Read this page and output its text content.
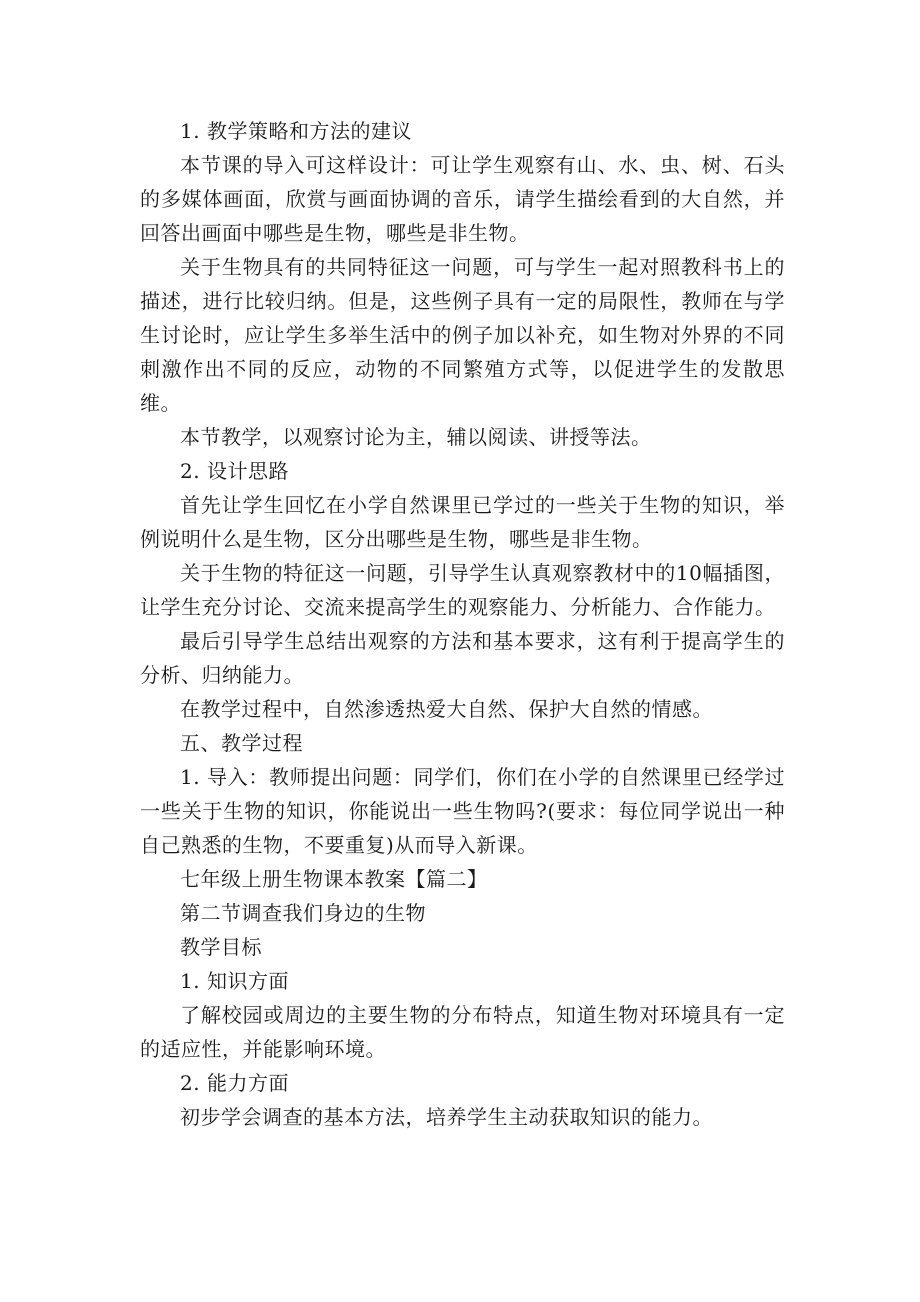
1. 教学策略和方法的建议

本节课的导入可这样设计：可让学生观察有山、水、虫、树、石头的多媒体画面，欣赏与画面协调的音乐，请学生描绘看到的大自然，并回答出画面中哪些是生物，哪些是非生物。

关于生物具有的共同特征这一问题，可与学生一起对照教科书上的描述，进行比较归纳。但是，这些例子具有一定的局限性，教师在与学生讨论时，应让学生多举生活中的例子加以补充，如生物对外界的不同刺激作出不同的反应，动物的不同繁殖方式等，以促进学生的发散思维。

本节教学，以观察讨论为主，辅以阅读、讲授等法。

2. 设计思路

首先让学生回忆在小学自然课里已学过的一些关于生物的知识，举例说明什么是生物，区分出哪些是生物，哪些是非生物。

关于生物的特征这一问题，引导学生认真观察教材中的10幅插图，让学生充分讨论、交流来提高学生的观察能力、分析能力、合作能力。

最后引导学生总结出观察的方法和基本要求，这有利于提高学生的分析、归纳能力。

在教学过程中，自然渗透热爱大自然、保护大自然的情感。

五、教学过程

1. 导入：教师提出问题：同学们，你们在小学的自然课里已经学过一些关于生物的知识，你能说出一些生物吗?(要求：每位同学说出一种自己熟悉的生物，不要重复)从而导入新课。

七年级上册生物课本教案【篇二】

第二节调查我们身边的生物

教学目标

1. 知识方面

了解校园或周边的主要生物的分布特点，知道生物对环境具有一定的适应性，并能影响环境。

2. 能力方面

初步学会调查的基本方法，培养学生主动获取知识的能力。
